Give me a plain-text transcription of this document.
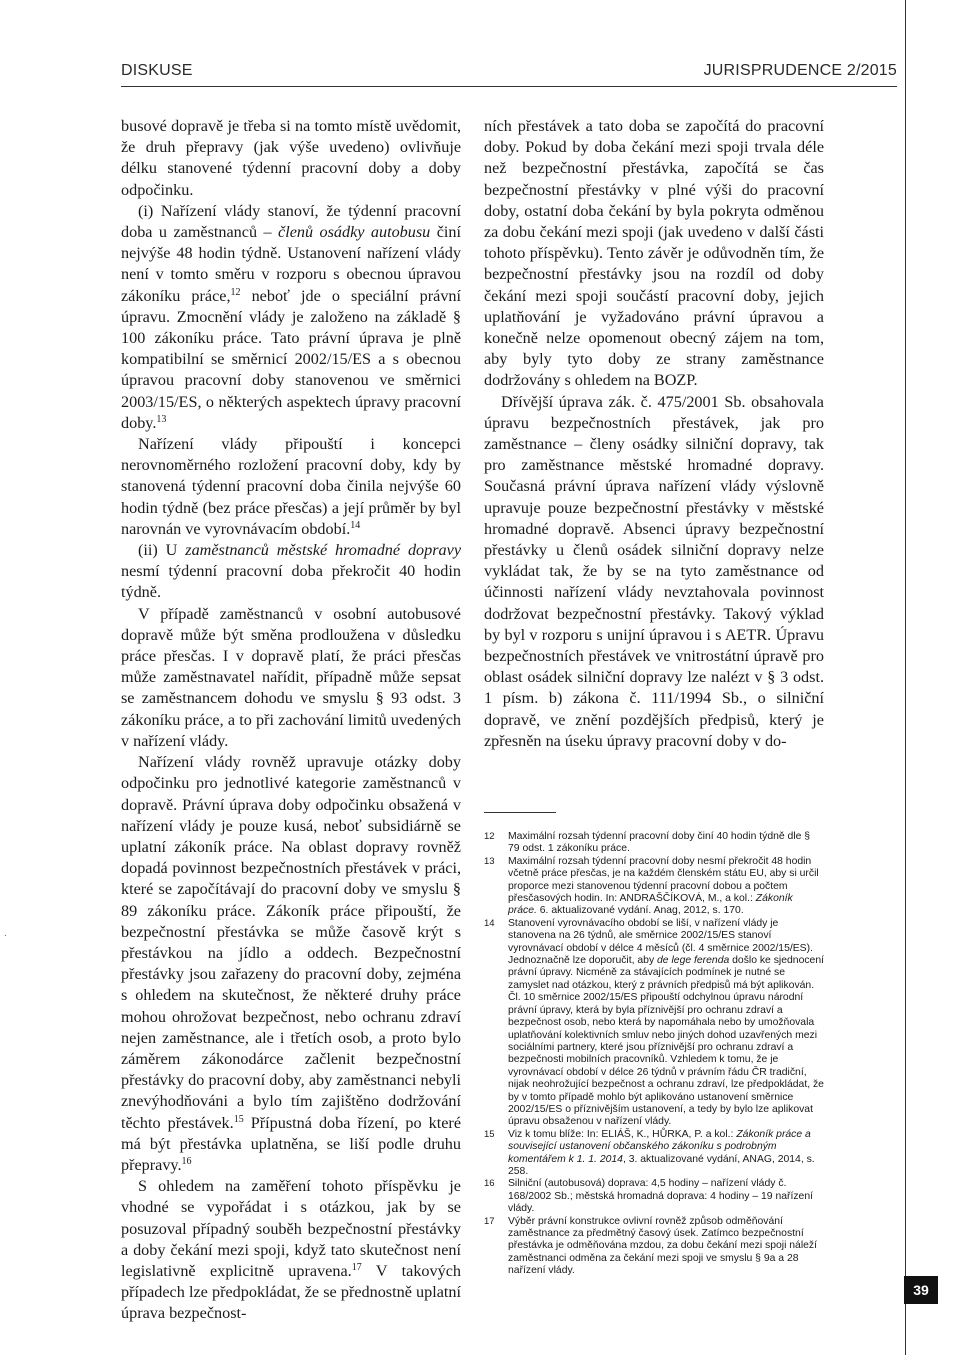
DISKUSE	JURISPRUDENCE 2/2015
.

busové dopravě je třeba si na tomto místě uvědomit, že druh přepravy (jak výše uvedeno) ovlivňuje délku stanovené týdenní pracovní doby a doby odpočinku.

(i) Nařízení vlády stanoví, že týdenní pracovní doba u zaměstnanců – členů osádky autobusu činí nejvýše 48 hodin týdně. Ustanovení nařízení vlády není v tomto směru v rozporu s obecnou úpravou zákoníku práce,$^{12}$ neboť jde o speciální právní úpravu. Zmocnění vlády je založeno na základě § 100 zákoníku práce. Tato právní úprava je plně kompatibilní se směrnicí 2002/15/ES a s obecnou úpravou pracovní doby stanovenou ve směrnici 2003/15/ES, o některých aspektech úpravy pracovní doby.$^{13}$

Nařízení vlády připouští i koncepci nerovnoměrného rozložení pracovní doby, kdy by stanovená týdenní pracovní doba činila nejvýše 60 hodin týdně (bez práce přesčas) a její průměr by byl narovnán ve vyrovnávacím období.$^{14}$

(ii) U zaměstnanců městské hromadné dopravy nesmí týdenní pracovní doba překročit 40 hodin týdně.

V případě zaměstnanců v osobní autobusové dopravě může být směna prodloužena v důsledku práce přesčas. I v dopravě platí, že práci přesčas může zaměstnavatel nařídit, případně může sepsat se zaměstnancem dohodu ve smyslu § 93 odst. 3 zákoníku práce, a to při zachování limitů uvedených v nařízení vlády.

Nařízení vlády rovněž upravuje otázky doby odpočinku pro jednotlivé kategorie zaměstnanců v dopravě. Právní úprava doby odpočinku obsažená v nařízení vlády je pouze kusá, neboť subsidiárně se uplatní zákoník práce. Na oblast dopravy rovněž dopadá povinnost bezpečnostních přestávek v práci, které se započítávají do pracovní doby ve smyslu § 89 zákoníku práce. Zákoník práce připouští, že bezpečnostní přestávka se může časově krýt s přestávkou na jídlo a oddech. Bezpečnostní přestávky jsou zařazeny do pracovní doby, zejména s ohledem na skutečnost, že některé druhy práce mohou ohrožovat bezpečnost, nebo ochranu zdraví nejen zaměstnance, ale i třetích osob, a proto bylo záměrem zákonodárce začlenit bezpečnostní přestávky do pracovní doby, aby zaměstnanci nebyli znevýhodňováni a bylo tím zajištěno dodržování těchto přestávek.$^{15}$ Přípustná doba řízení, po které má být přestávka uplatněna, se liší podle druhu přepravy.$^{16}$

S ohledem na zaměření tohoto příspěvku je vhodné se vypořádat i s otázkou, jak by se posuzoval případný souběh bezpečnostní přestávky a doby čekání mezi spoji, když tato skutečnost není legislativně explicitně upravena.$^{17}$ V takových případech lze předpokládat, že se přednostně uplatní úprava bezpečnost-

ních přestávek a tato doba se započítá do pracovní doby. Pokud by doba čekání mezi spoji trvala déle než bezpečnostní přestávka, započítá se čas bezpečnostní přestávky v plné výši do pracovní doby, ostatní doba čekání by byla pokryta odměnou za dobu čekání mezi spoji (jak uvedeno v další části tohoto příspěvku). Tento závěr je odůvodněn tím, že bezpečnostní přestávky jsou na rozdíl od doby čekání mezi spoji součástí pracovní doby, jejich uplatňování je vyžadováno právní úpravou a konečně nelze opomenout obecný zájem na tom, aby byly tyto doby ze strany zaměstnance dodržovány s ohledem na BOZP.

Dřívější úprava zák. č. 475/2001 Sb. obsahovala úpravu bezpečnostních přestávek, jak pro zaměstnance – členy osádky silniční dopravy, tak pro zaměstnance městské hromadné dopravy. Současná právní úprava nařízení vlády výslovně upravuje pouze bezpečnostní přestávky v městské hromadné dopravě. Absenci úpravy bezpečnostní přestávky u členů osádek silniční dopravy nelze vykládat tak, že by se na tyto zaměstnance od účinnosti nařízení vlády nevztahovala povinnost dodržovat bezpečnostní přestávky. Takový výklad by byl v rozporu s unijní úpravou i s AETR. Úpravu bezpečnostních přestávek ve vnitrostátní úpravě pro oblast osádek silniční dopravy lze nalézt v § 3 odst. 1 písm. b) zákona č. 111/1994 Sb., o silniční dopravě, ve znění pozdějších předpisů, který je zpřesněn na úseku úpravy pracovní doby v do-

12 Maximální rozsah týdenní pracovní doby činí 40 hodin týdně dle § 79 odst. 1 zákoníku práce.
13 Maximální rozsah týdenní pracovní doby nesmí překročit 48 hodin včetně práce přesčas, je na každém členském státu EU, aby si určil proporce mezi stanovenou týdenní pracovní dobou a počtem přesčasových hodin. In: ANDRAŠČÍKOVÁ, M., a kol.: Zákoník práce. 6. aktualizované vydání. Anag, 2012, s. 170.
14 Stanovení vyrovnávacího období se liší, v nařízení vlády je stanovena na 26 týdnů, ale směrnice 2002/15/ES stanoví vyrovnávací období v délce 4 měsíců (čl. 4 směrnice 2002/15/ES). Jednoznačně lze doporučit, aby de lege ferenda došlo ke sjednocení právní úpravy. Nicméně za stávajících podmínek je nutné se zamyslet nad otázkou, který z právních předpisů má být aplikován. Čl. 10 směrnice 2002/15/ES připouští odchylnou úpravu národní právní úpravy, která by byla příznivější pro ochranu zdraví a bezpečnost osob, nebo která by napomáhala nebo by umožňovala uplatňování kolektivních smluv nebo jiných dohod uzavřených mezi sociálními partnery, které jsou příznivější pro ochranu zdraví a bezpečnosti mobilních pracovníků. Vzhledem k tomu, že je vyrovnávací období v délce 26 týdnů v právním řádu ČR tradiční, nijak neohrožující bezpečnost a ochranu zdraví, lze předpokládat, že by v tomto případě mohlo být aplikováno ustanovení směrnice 2002/15/ES o příznivějším ustanovení, a tedy by bylo lze aplikovat úpravu obsaženou v nařízení vlády.
15 Viz k tomu blíže: In: ELIÁŠ, K., HŮRKA, P. a kol.: Zákoník práce a související ustanovení občanského zákoníku s podrobným komentářem k 1. 1. 2014, 3. aktualizované vydání, ANAG, 2014, s. 258.
16 Silniční (autobusová) doprava: 4,5 hodiny – nařízení vlády č. 168/2002 Sb.; městská hromadná doprava: 4 hodiny – 19 nařízení vlády.
17 Výběr právní konstrukce ovlivní rovněž způsob odměňování zaměstnance za předmětný časový úsek. Zatímco bezpečnostní přestávka je odměňována mzdou, za dobu čekání mezi spoji náleží zaměstnanci odměna za čekání mezi spoji ve smyslu § 9a a 28 nařízení vlády.
39
